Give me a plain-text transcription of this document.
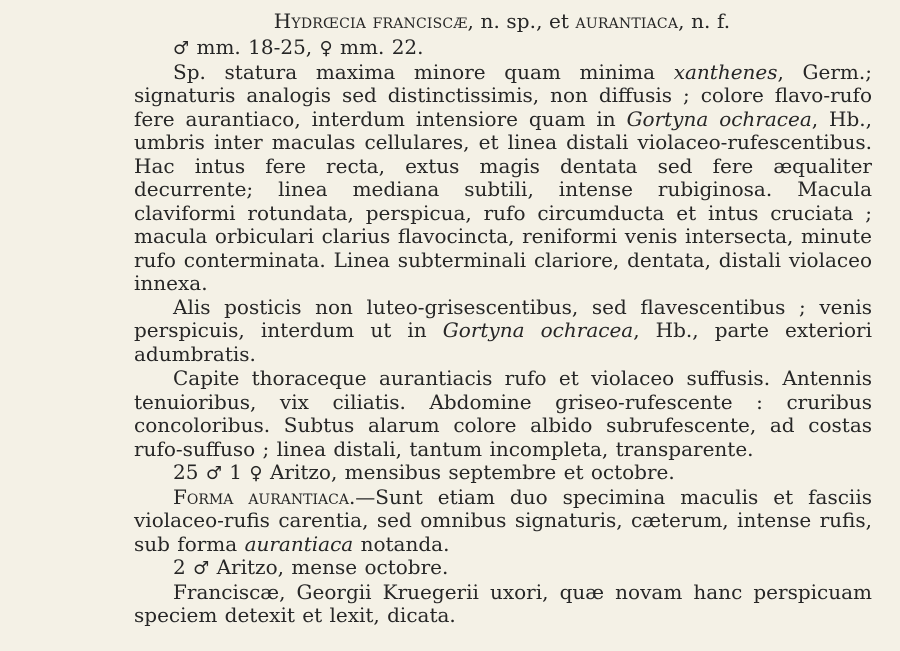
Hydrœcia franciscæ, n. sp., et aurantiaca, n. f.

♂ mm. 18-25, ♀ mm. 22.

Sp. statura maxima minore quam minima xanthenes, Germ.; signaturis analogis sed distinctissimis, non diffusis ; colore flavo-rufo fere aurantiaco, interdum intensiore quam in Gortyna ochracea, Hb., umbris inter maculas cellulares, et linea distali violaceo-rufescentibus. Hac intus fere recta, extus magis dentata sed fere æqualiter decurrente; linea mediana subtili, intense rubiginosa. Macula claviformi rotundata, perspicua, rufo circumducta et intus cruciata ; macula orbiculari clarius flavocincta, reniformi venis intersecta, minute rufo conterminata. Linea subterminali clariore, dentata, distali violaceo innexa.

Alis posticis non luteo-grisescentibus, sed flavescentibus ; venis perspicuis, interdum ut in Gortyna ochracea, Hb., parte exteriori adumbratis.

Capite thoraceque aurantiacis rufo et violaceo suffusis. Antennis tenuioribus, vix ciliatis. Abdomine griseo-rufescente : cruribus concoloribus. Subtus alarum colore albido subrufescente, ad costas rufo-suffuso ; linea distali, tantum incompleta, transparente.

25 ♂ 1 ♀ Aritzo, mensibus septembre et octobre.

Forma aurantiaca.—Sunt etiam duo specimina maculis et fasciis violaceo-rufis carentia, sed omnibus signaturis, cæterum, intense rufis, sub forma aurantiaca notanda.

2 ♂ Aritzo, mense octobre.

Franciscæ, Georgii Kruegerii uxori, quæ novam hanc perspicuam speciem detexit et lexit, dicata.
